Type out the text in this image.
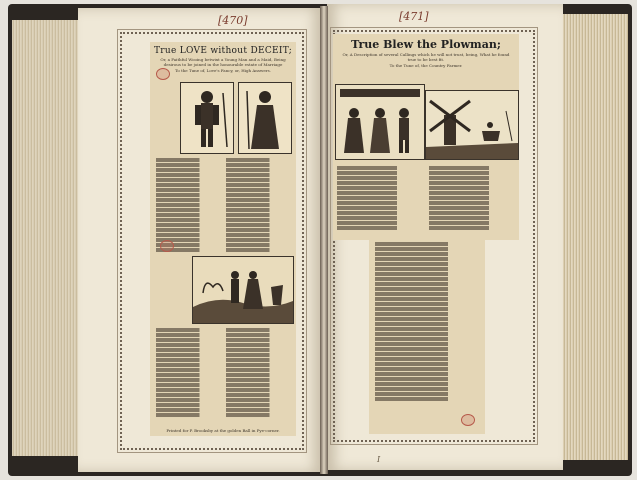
[470]
True LOVE without DECEIT;
Or, a Faithful Wooing betwixt a Young Man and a Maid, Being desirous to be joined in the honourable estate of Marriage
To the Tune of, Love's Fancy, or, High Answers.
Printed for P. Brooksby at the golden Ball in Pye-corner.
[471]
True Blew the Plowman;
Or, A Description of several Callings which he will not trust, being, What he found true to be best fit.
To the Tune of, the Country Farmer.
I
